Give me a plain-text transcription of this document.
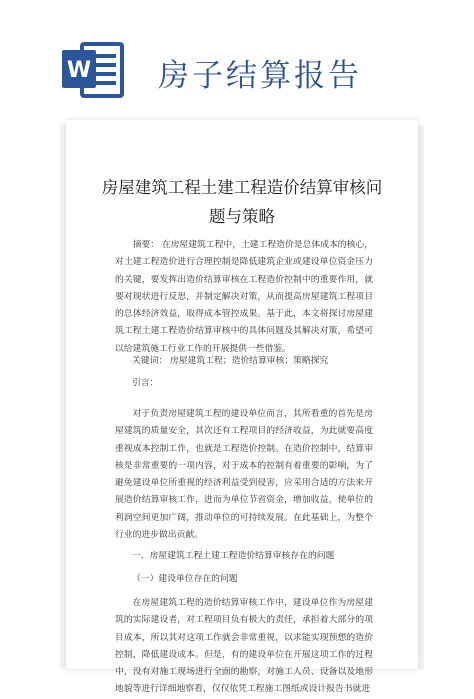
W 房子结算报告
房屋建筑工程土建工程造价结算审核问
题与策略
摘要： 在房屋建筑工程中，土建工程造价是总体成本的核心，对土建工程造价进行合理控制是降低建筑企业或建设单位资金压力的关键，要发挥出造价结算审核在工程造价控制中的重要作用，就要对现状进行反思，并制定解决对策，从而提高房屋建筑工程项目的总体经济效益，取得成本管控成果。基于此，本文将探讨房屋建筑工程土建工程造价结算审核中的具体问题及其解决对策，希望可以给建筑施工行业工作的开展提供一些借鉴。
关键词： 房屋建筑工程；造价结算审核；策略探究
引言：
对于负责房屋建筑工程的建设单位而言，其所看重的首先是房屋建筑的质量安全，其次还有工程项目的经济收益，为此就要高度重视成本控制工作，也就是工程造价控制。在造价控制中，结算审核是非常重要的一项内容，对于成本的控制有着重要的影响，为了避免建设单位所重视的经济利益受到侵害，应采用合适的方法来开展造价结算审核工作，进而为单位节省资金，增加收益，使单位的利润空间更加广阔，推动单位的可持续发展。在此基础上，为整个行业的进步做出贡献。
一、房屋建筑工程土建工程造价结算审核存在的问题
（一）建设单位存在的问题
在房屋建筑工程的造价结算审核工作中，建设单位作为房屋建筑的实际建设者，对工程项目负有极大的责任，承担着大部分的项目成本，所以其对这项工作就会非常重视，以求能实现预想的造价控制，降低建设成本。但是，有的建设单位在开展这项工作的过程中，没有对施工现场进行全面的勘察，对施工人员、设备以及地形地貌等进行详细地察看，仅仅依凭工程施工图纸或设计报告书就进
